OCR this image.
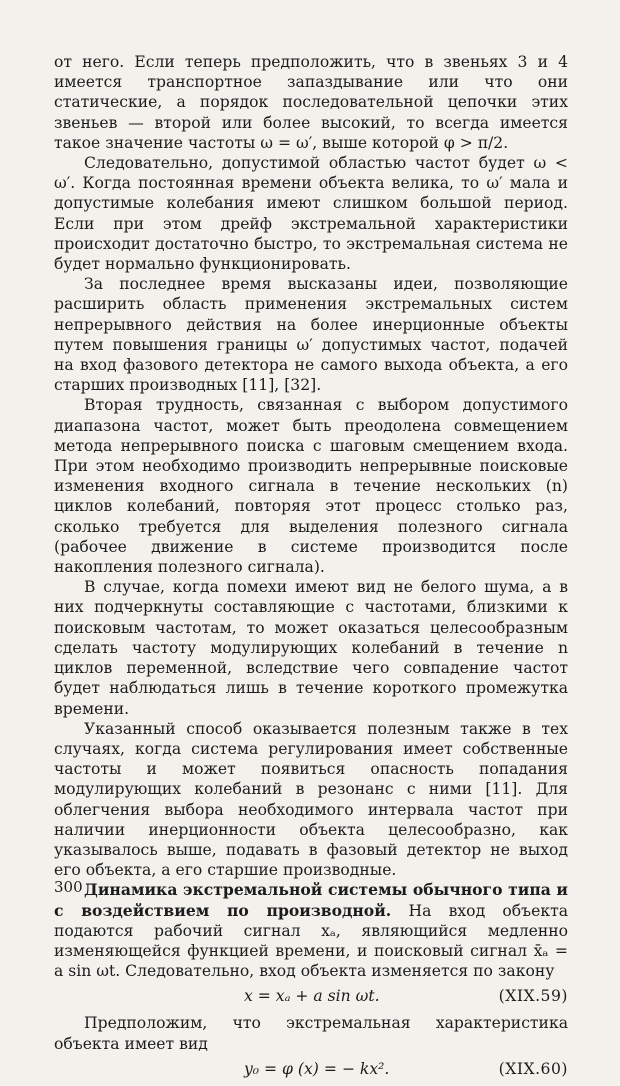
от него. Если теперь предположить, что в звеньях 3 и 4 имеется транспортное запаздывание или что они статические, а порядок последовательной цепочки этих звеньев — второй или более высокий, то всегда имеется такое значение частоты ω = ω′, выше которой φ > π/2.

Следовательно, допустимой областью частот будет ω < ω′. Когда постоянная времени объекта велика, то ω′ мала и допустимые колебания имеют слишком большой период. Если при этом дрейф экстремальной характеристики происходит достаточно быстро, то экстремальная система не будет нормально функционировать.

За последнее время высказаны идеи, позволяющие расширить область применения экстремальных систем непрерывного действия на более инерционные объекты путем повышения границы ω′ допустимых частот, подачей на вход фазового детектора не самого выхода объекта, а его старших производных [11], [32].

Вторая трудность, связанная с выбором допустимого диапазона частот, может быть преодолена совмещением метода непрерывного поиска с шаговым смещением входа. При этом необходимо производить непрерывные поисковые изменения входного сигнала в течение нескольких (n) циклов колебаний, повторяя этот процесс столько раз, сколько требуется для выделения полезного сигнала (рабочее движение в системе производится после накопления полезного сигнала).

В случае, когда помехи имеют вид не белого шума, а в них подчеркнуты составляющие с частотами, близкими к поисковым частотам, то может оказаться целесообразным сделать частоту модулирующих колебаний в течение n циклов переменной, вследствие чего совпадение частот будет наблюдаться лишь в течение короткого промежутка времени.

Указанный способ оказывается полезным также в тех случаях, когда система регулирования имеет собственные частоты и может появиться опасность попадания модулирующих колебаний в резонанс с ними [11]. Для облегчения выбора необходимого интервала частот при наличии инерционности объекта целесообразно, как указывалось выше, подавать в фазовый детектор не выход его объекта, а его старшие производные.

Динамика экстремальной системы обычного типа и с воздействием по производной. На вход объекта подаются рабочий сигнал xₐ, являющийся медленно изменяющейся функцией времени, и поисковый сигнал x̄ₐ = a sin ωt. Следовательно, вход объекта изменяется по закону

x = xₐ + a sin ωt.	(XIX.59)

Предположим, что экстремальная характеристика объекта имеет вид

y₀ = φ (x) = − kx².	(XIX.60)
300
